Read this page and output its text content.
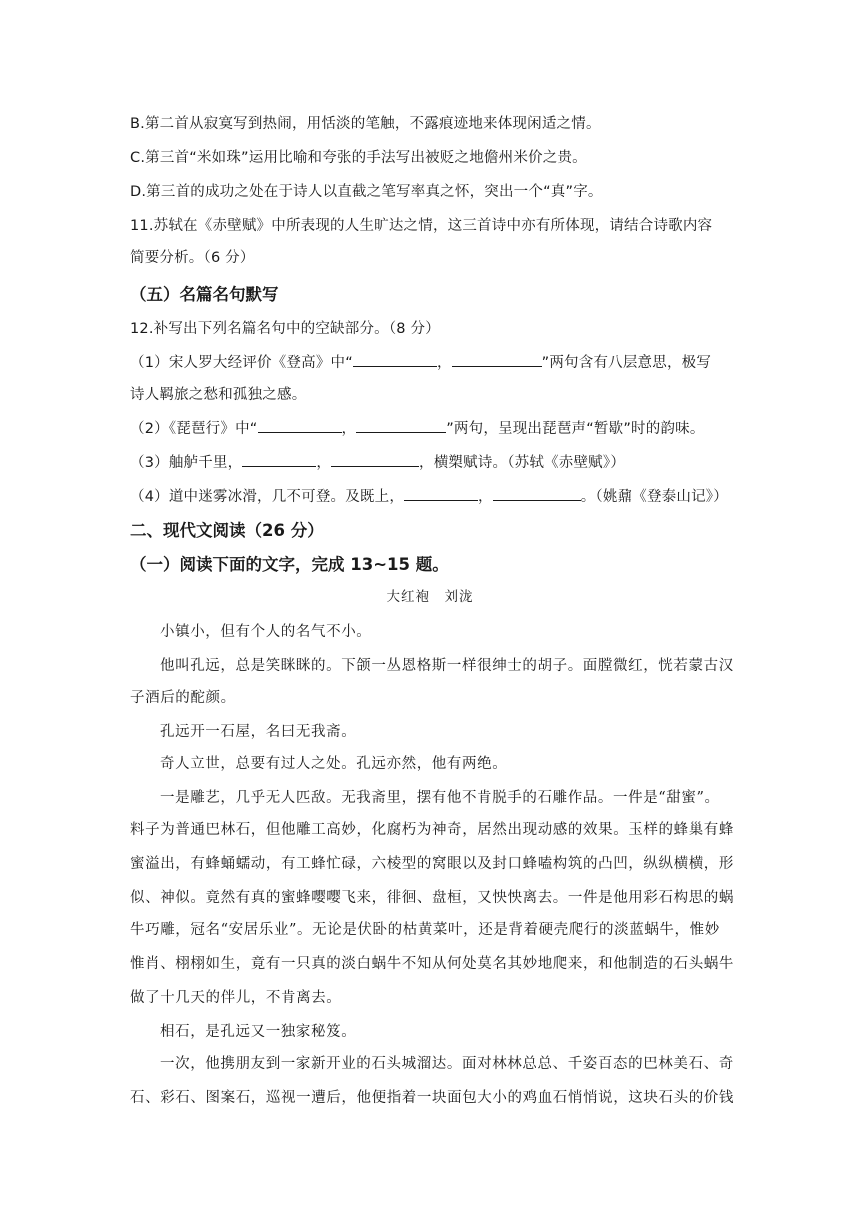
B.第二首从寂寞写到热闹，用恬淡的笔触，不露痕迹地来体现闲适之情。
C.第三首“米如珠”运用比喻和夸张的手法写出被贬之地儋州米价之贵。
D.第三首的成功之处在于诗人以直截之笔写率真之怀，突出一个“真”字。
11.苏轼在《赤壁赋》中所表现的人生旷达之情，这三首诗中亦有所体现，请结合诗歌内容
简要分析。（6 分）
（五）名篇名句默写
12.补写出下列名篇名句中的空缺部分。（8 分）
（1）宋人罗大经评价《登高》中“	，	”两句含有八层意思，极写
诗人羁旅之愁和孤独之感。
（2）《琵琶行》中“	，	”两句，呈现出琵琶声“暂歇”时的韵味。
（3）舳舻千里，	，	，横槊赋诗。（苏轼《赤壁赋》）
（4）道中迷雾冰滑，几不可登。及既上，	，	。（姚鼐《登泰山记》）
二、现代文阅读（26 分）
（一）阅读下面的文字，完成 13~15 题。
大红袍　刘泷
小镇小，但有个人的名气不小。
他叫孔远，总是笑眯眯的。下颌一丛恩格斯一样很绅士的胡子。面膛微红，恍若蒙古汉
子酒后的酡颜。
孔远开一石屋，名曰无我斋。
奇人立世，总要有过人之处。孔远亦然，他有两绝。
一是雕艺，几乎无人匹敌。无我斋里，摆有他不肯脱手的石雕作品。一件是“甜蜜”。
料子为普通巴林石，但他雕工高妙，化腐朽为神奇，居然出现动感的效果。玉样的蜂巢有蜂
蜜溢出，有蜂蛹蠕动，有工蜂忙碌，六棱型的窝眼以及封口蜂嗑构筑的凸凹，纵纵横横，形
似、神似。竟然有真的蜜蜂嘤嘤飞来，徘徊、盘桓，又怏怏离去。一件是他用彩石构思的蜗
牛巧雕，冠名“安居乐业”。无论是伏卧的枯黄菜叶，还是背着硬壳爬行的淡蓝蜗牛，惟妙
惟肖、栩栩如生，竟有一只真的淡白蜗牛不知从何处莫名其妙地爬来，和他制造的石头蜗牛
做了十几天的伴儿，不肯离去。
相石，是孔远又一独家秘笈。
一次，他携朋友到一家新开业的石头城溜达。面对林林总总、千姿百态的巴林美石、奇
石、彩石、图案石，巡视一遭后，他便指着一块面包大小的鸡血石悄悄说，这块石头的价钱
